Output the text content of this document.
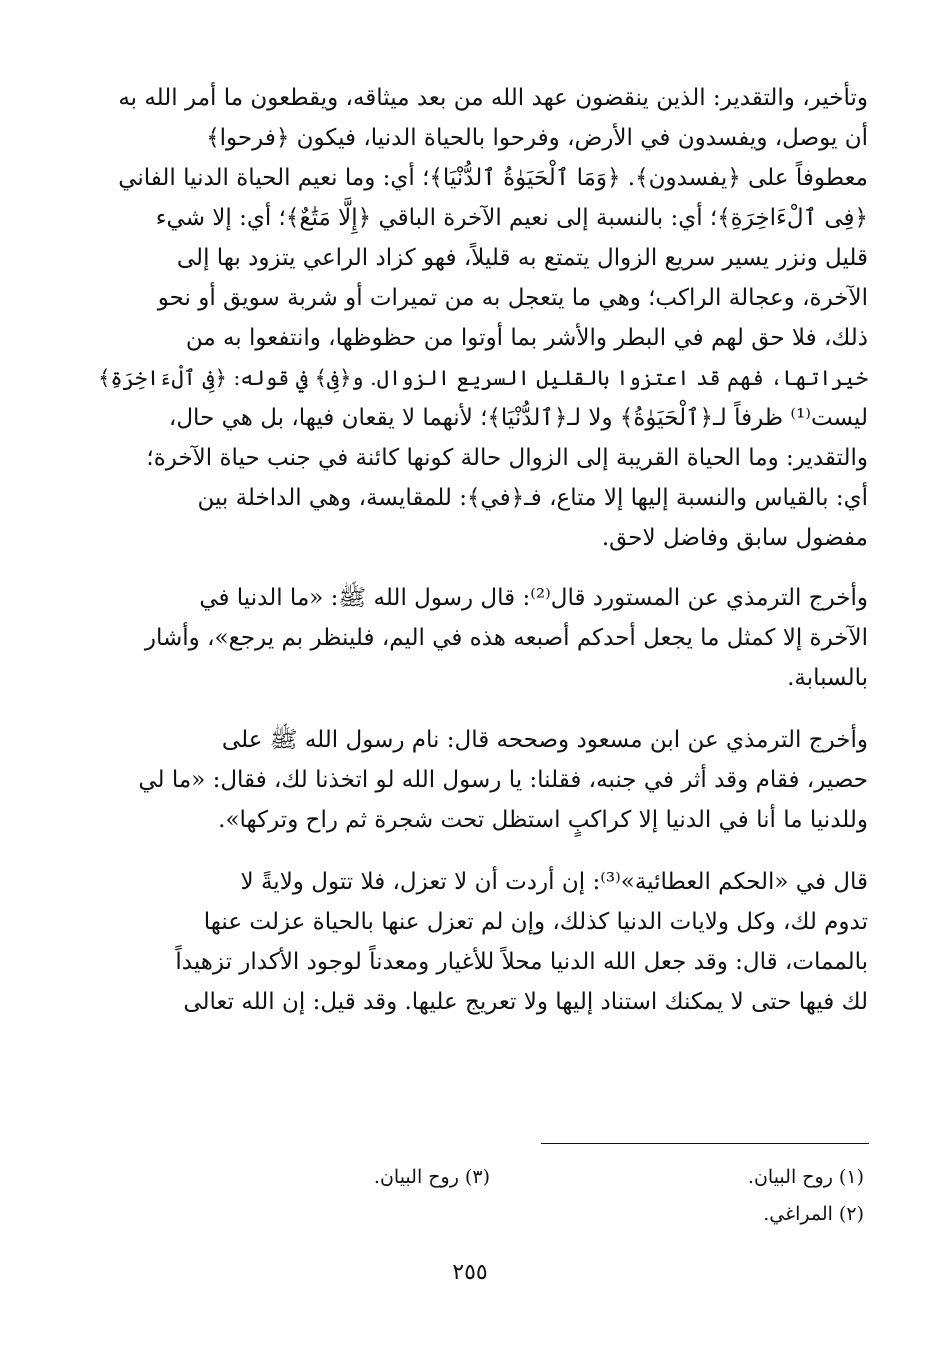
وتأخير، والتقدير: الذين ينقضون عهد الله من بعد ميثاقه، ويقطعون ما أمر الله به
أن يوصل، ويفسدون في الأرض، وفرحوا بالحياة الدنيا، فيكون ﴿فرحوا﴾
معطوفاً على ﴿يفسدون﴾. ﴿وَمَا ٱلْحَيَوٰةُ ٱلدُّنْيَا﴾؛ أي: وما نعيم الحياة الدنيا الفاني
﴿فِى ٱلْءَاخِرَةِ﴾؛ أي: بالنسبة إلى نعيم الآخرة الباقي ﴿إِلَّا مَتَٰعٌ﴾؛ أي: إلا شيء
قليل ونزر يسير سريع الزوال يتمتع به قليلاً، فهو كزاد الراعي يتزود بها إلى
الآخرة، وعجالة الراكب؛ وهي ما يتعجل به من تميرات أو شربة سويق أو نحو
ذلك، فلا حق لهم في البطر والأشر بما أوتوا من حظوظها، وانتفعوا به من
خيراتها، فهم قد اعتزوا بالقليل السريع الزوال. و﴿فِى﴾ في قوله: ﴿فِى ٱلْءَاخِرَةِ﴾
ليست⁽¹⁾ ظرفاً لـ﴿ٱلْحَيَوٰةُ﴾ ولا لـ﴿ٱلدُّنْيَا﴾؛ لأنهما لا يقعان فيها، بل هي حال،
والتقدير: وما الحياة القريبة إلى الزوال حالة كونها كائنة في جنب حياة الآخرة؛
أي: بالقياس والنسبة إليها إلا متاع، فـ﴿في﴾: للمقايسة، وهي الداخلة بين
مفضول سابق وفاضل لاحق.

وأخرج الترمذي عن المستورد قال⁽²⁾: قال رسول الله ﷺ: «ما الدنيا في
الآخرة إلا كمثل ما يجعل أحدكم أصبعه هذه في اليم، فلينظر بم يرجع»، وأشار
بالسبابة.

وأخرج الترمذي عن ابن مسعود وصححه قال: نام رسول الله ﷺ على
حصير، فقام وقد أثر في جنبه، فقلنا: يا رسول الله لو اتخذنا لك، فقال: «ما لي
وللدنيا ما أنا في الدنيا إلا كراكبٍ استظل تحت شجرة ثم راح وتركها».

قال في «الحكم العطائية»⁽³⁾: إن أردت أن لا تعزل، فلا تتول ولايةً لا
تدوم لك، وكل ولايات الدنيا كذلك، وإن لم تعزل عنها بالحياة عزلت عنها
بالممات، قال: وقد جعل الله الدنيا محلاً للأغيار ومعدناً لوجود الأكدار تزهيداً
لك فيها حتى لا يمكنك استناد إليها ولا تعريج عليها. وقد قيل: إن الله تعالى

(١) روح البيان.
(٢) المراغي.
(٣) روح البيان.
٢٥٥
